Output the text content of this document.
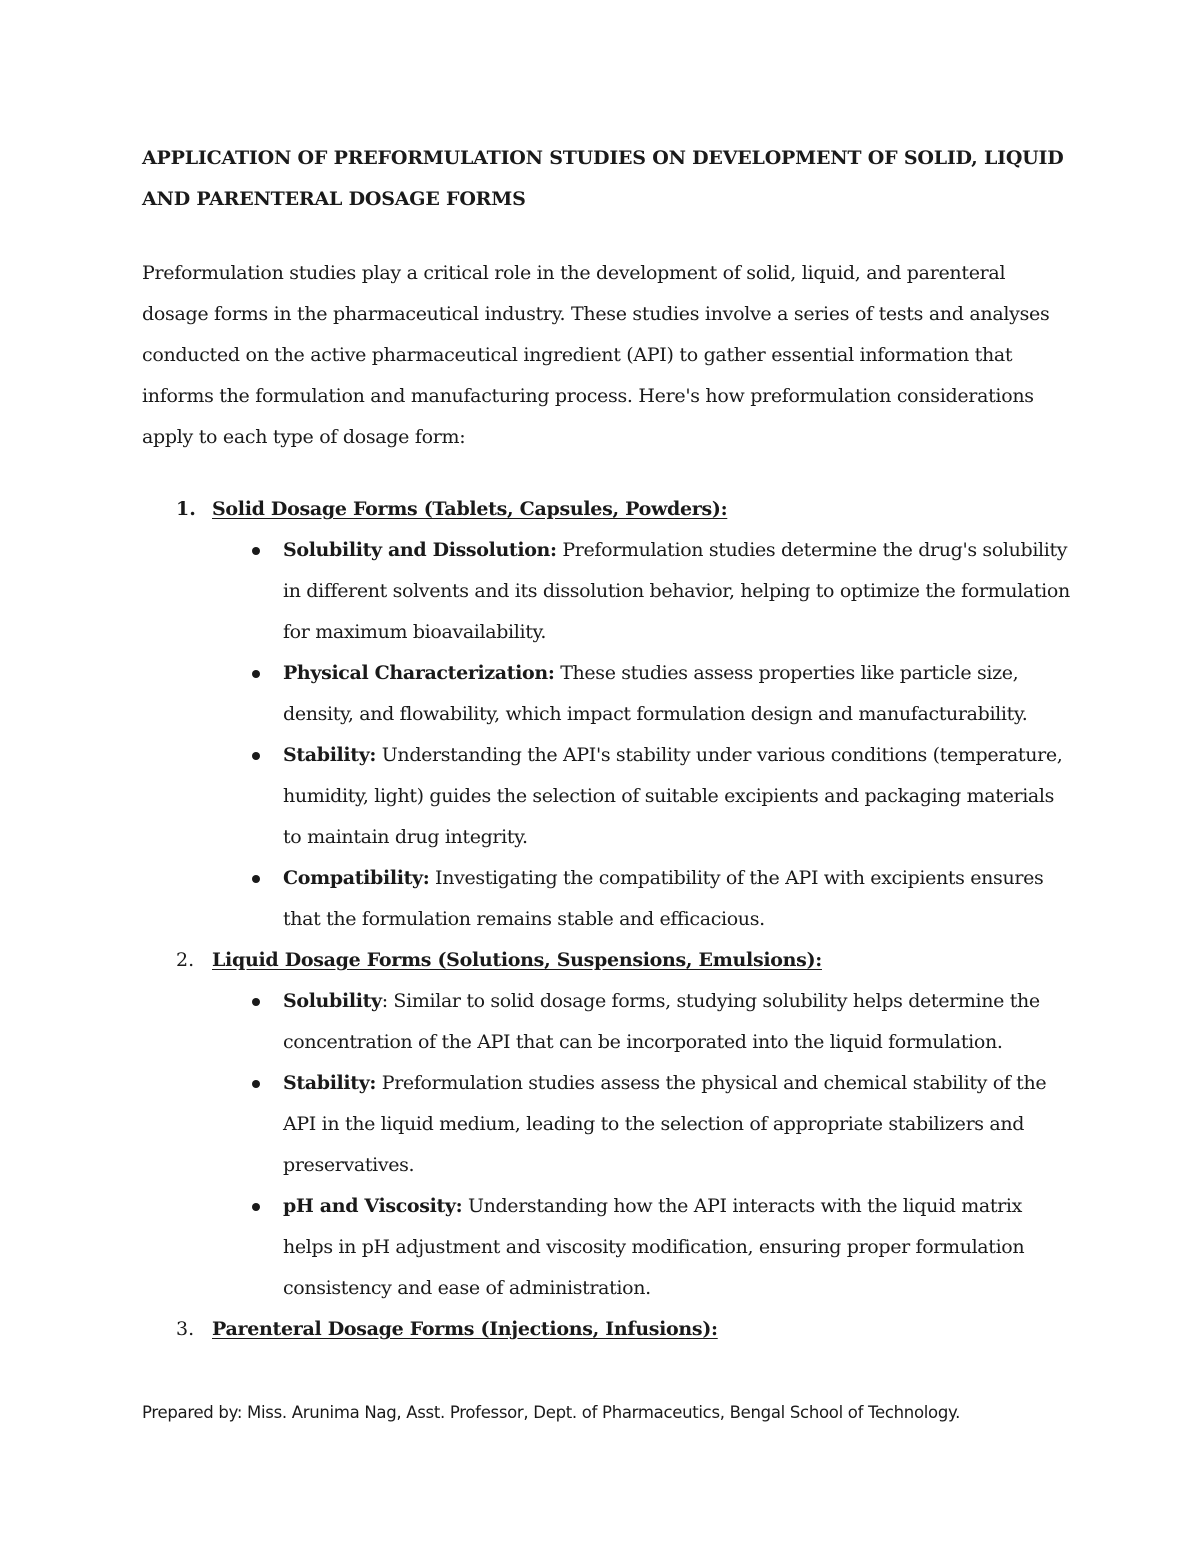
APPLICATION OF PREFORMULATION STUDIES ON DEVELOPMENT OF SOLID, LIQUID AND PARENTERAL DOSAGE FORMS

Preformulation studies play a critical role in the development of solid, liquid, and parenteral dosage forms in the pharmaceutical industry. These studies involve a series of tests and analyses conducted on the active pharmaceutical ingredient (API) to gather essential information that informs the formulation and manufacturing process. Here's how preformulation considerations apply to each type of dosage form:

1. Solid Dosage Forms (Tablets, Capsules, Powders):
Solubility and Dissolution: Preformulation studies determine the drug's solubility in different solvents and its dissolution behavior, helping to optimize the formulation for maximum bioavailability.
Physical Characterization: These studies assess properties like particle size, density, and flowability, which impact formulation design and manufacturability.
Stability: Understanding the API's stability under various conditions (temperature, humidity, light) guides the selection of suitable excipients and packaging materials to maintain drug integrity.
Compatibility: Investigating the compatibility of the API with excipients ensures that the formulation remains stable and efficacious.
2. Liquid Dosage Forms (Solutions, Suspensions, Emulsions):
Solubility: Similar to solid dosage forms, studying solubility helps determine the concentration of the API that can be incorporated into the liquid formulation.
Stability: Preformulation studies assess the physical and chemical stability of the API in the liquid medium, leading to the selection of appropriate stabilizers and preservatives.
pH and Viscosity: Understanding how the API interacts with the liquid matrix helps in pH adjustment and viscosity modification, ensuring proper formulation consistency and ease of administration.
3. Parenteral Dosage Forms (Injections, Infusions):
Prepared by: Miss. Arunima Nag, Asst. Professor, Dept. of Pharmaceutics, Bengal School of Technology.
